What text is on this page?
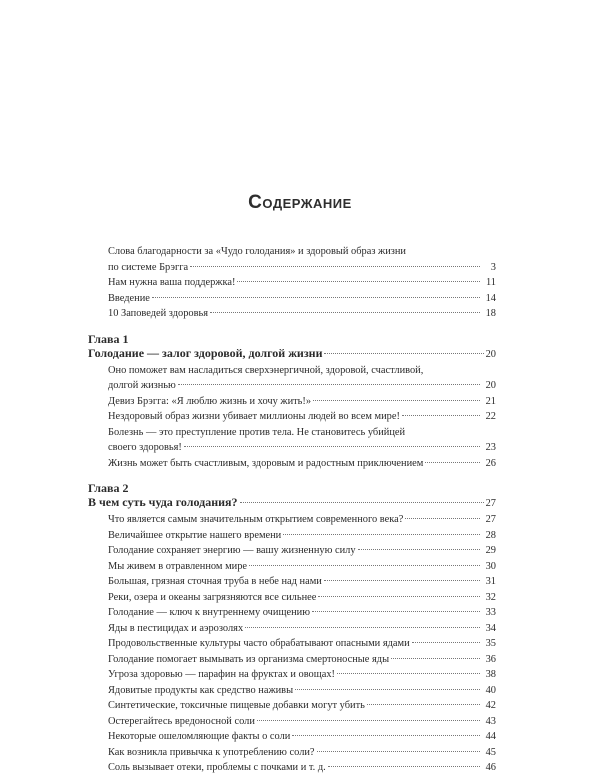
Содержание
Слова благодарности за «Чудо голодания» и здоровый образ жизни
по системе Брэгга	3
Нам нужна ваша поддержка!	11
Введение	14
10 Заповедей здоровья	18
Глава 1
Голодание — залог здоровой, долгой жизни	20
Оно поможет вам насладиться сверхэнергичной, здоровой, счастливой,
долгой жизнью	20
Девиз Брэгга: «Я люблю жизнь и хочу жить!»	21
Нездоровый образ жизни убивает миллионы людей во всем мире!	22
Болезнь — это преступление против тела. Не становитесь убийцей
своего здоровья!	23
Жизнь может быть счастливым, здоровым и радостным приключением	26
Глава 2
В чем суть чуда голодания?	27
Что является самым значительным открытием современного века?	27
Величайшее открытие нашего времени	28
Голодание сохраняет энергию — вашу жизненную силу	29
Мы живем в отравленном мире	30
Большая, грязная сточная труба в небе над нами	31
Реки, озера и океаны загрязняются все сильнее	32
Голодание — ключ к внутреннему очищению	33
Яды в пестицидах и аэрозолях	34
Продовольственные культуры часто обрабатывают опасными ядами	35
Голодание помогает вымывать из организма смертоносные яды	36
Угроза здоровью — парафин на фруктах и овощах!	38
Ядовитые продукты как средство наживы	40
Синтетические, токсичные пищевые добавки могут убить	42
Остерегайтесь вредоносной соли	43
Некоторые ошеломляющие факты о соли	44
Как возникла привычка к употреблению соли?	45
Соль вызывает отеки, проблемы с почками и т. д.	46
